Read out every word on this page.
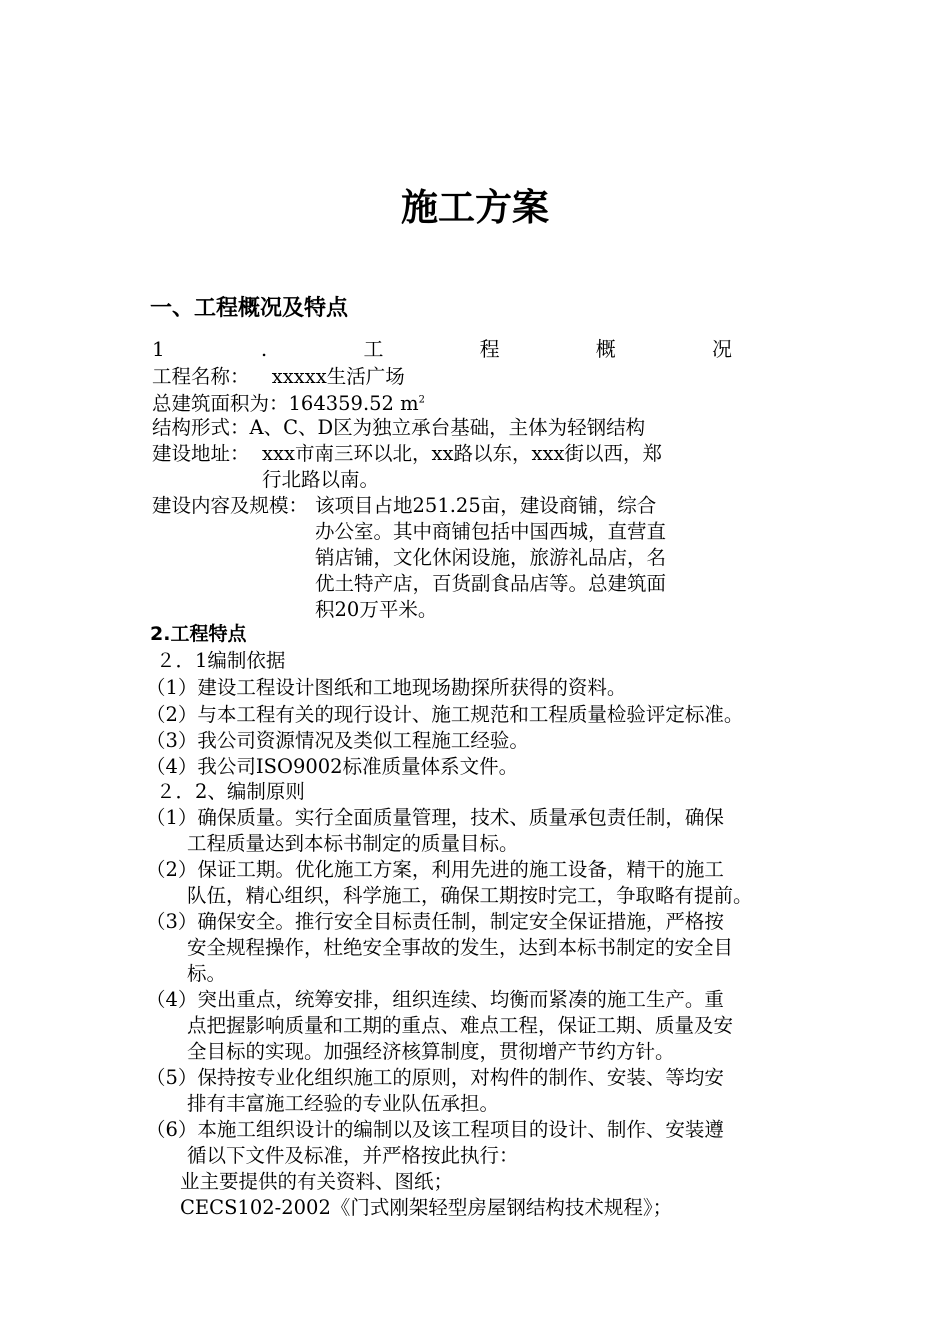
施工方案
一、工程概况及特点
1	.	工	程	概	况
工程名称： xxxxx生活广场
总建筑面积为：164359.52 $m^2$
结构形式：A、C、D区为独立承台基础，主体为轻钢结构
建设地址： xxx市南三环以北，xx路以东，xxx街以西，郑
行北路以南。
建设内容及规模： 该项目占地251.25亩，建设商铺，综合
办公室。其中商铺包括中国西城，直营直
销店铺，文化休闲设施，旅游礼品店，名
优土特产店，百货副食品店等。总建筑面
积20万平米。
2.工程特点
２．1编制依据
（1）建设工程设计图纸和工地现场勘探所获得的资料。
（2）与本工程有关的现行设计、施工规范和工程质量检验评定标准。
（3）我公司资源情况及类似工程施工经验。
（4）我公司ISO9002标准质量体系文件。
２．2、编制原则
（1）确保质量。实行全面质量管理，技术、质量承包责任制，确保
工程质量达到本标书制定的质量目标。
（2）保证工期。优化施工方案，利用先进的施工设备，精干的施工
队伍，精心组织，科学施工，确保工期按时完工，争取略有提前。
（3）确保安全。推行安全目标责任制，制定安全保证措施，严格按
安全规程操作，杜绝安全事故的发生，达到本标书制定的安全目
标。
（4）突出重点，统筹安排，组织连续、均衡而紧凑的施工生产。重
点把握影响质量和工期的重点、难点工程，保证工期、质量及安
全目标的实现。加强经济核算制度，贯彻增产节约方针。
（5）保持按专业化组织施工的原则，对构件的制作、安装、等均安
排有丰富施工经验的专业队伍承担。
（6）本施工组织设计的编制以及该工程项目的设计、制作、安装遵
循以下文件及标准，并严格按此执行：
业主要提供的有关资料、图纸；
CECS102-2002《门式刚架轻型房屋钢结构技术规程》；
